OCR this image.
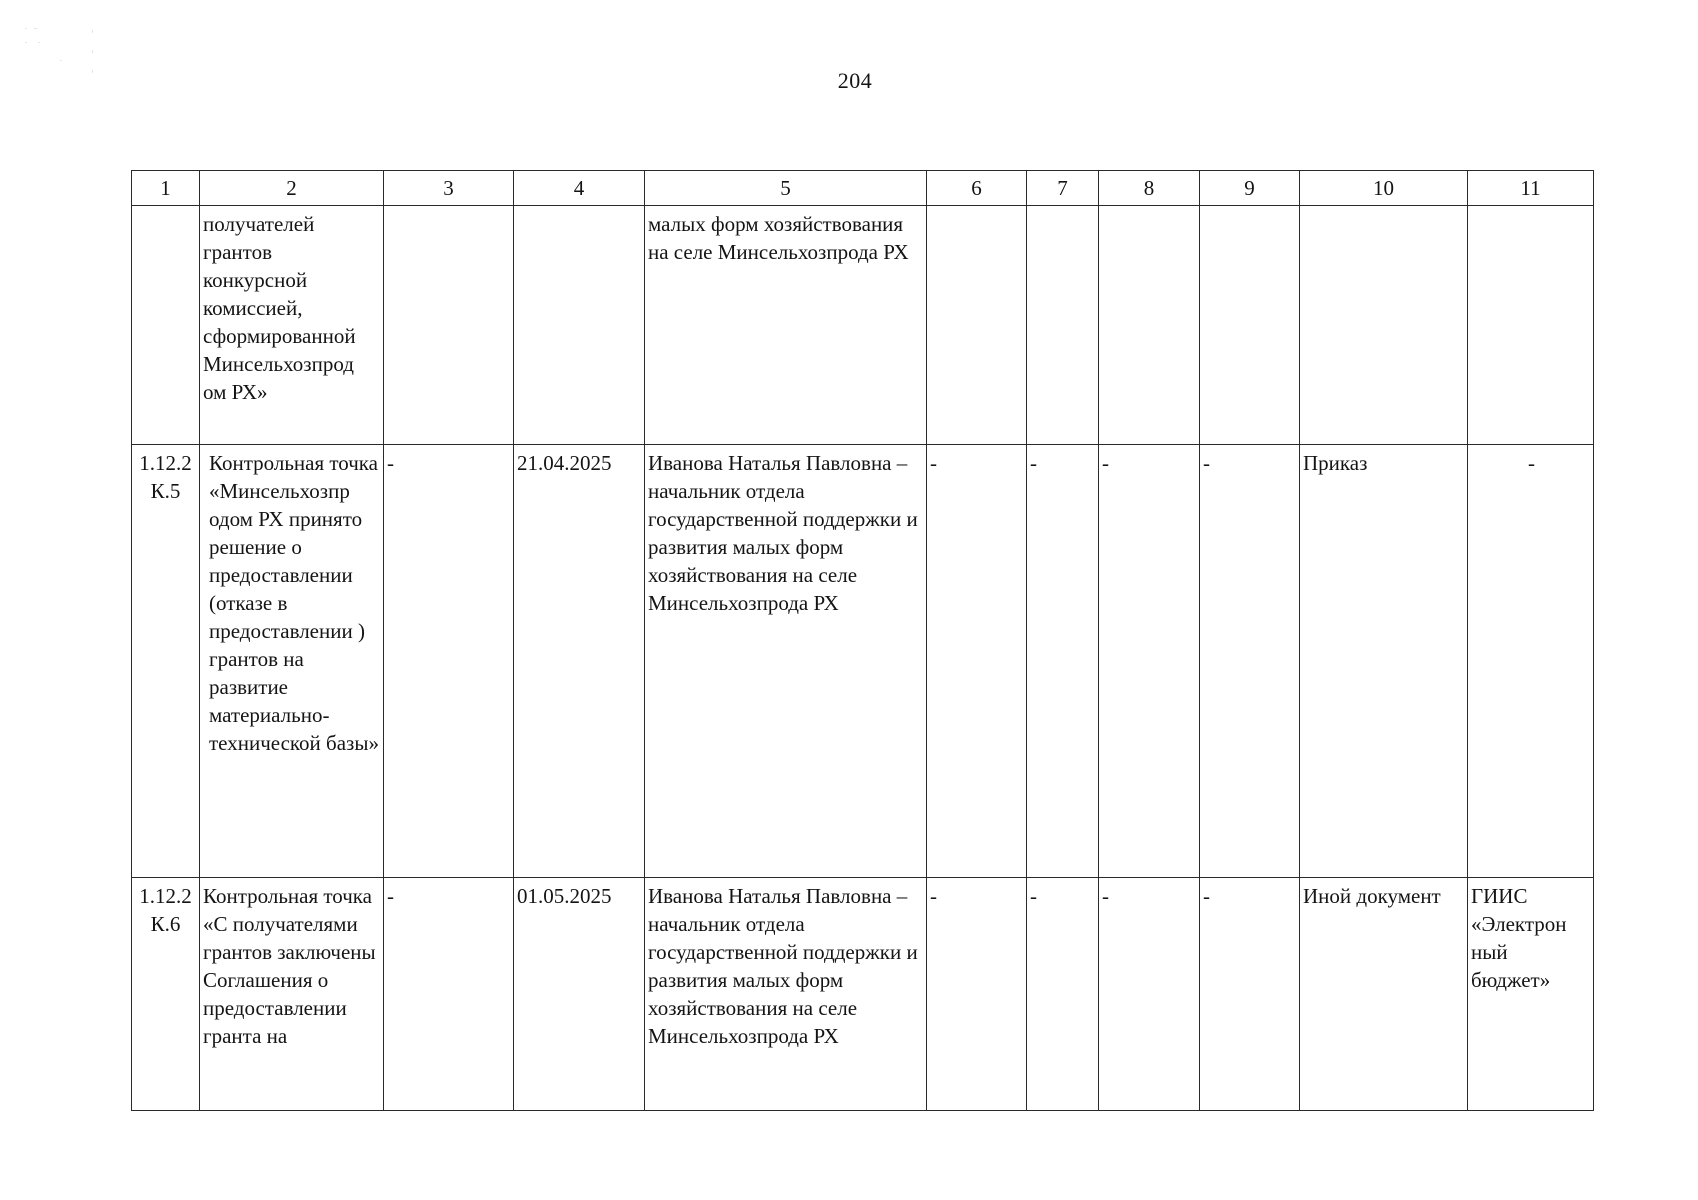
204
1	2	3	4	5	6	7	8	9	10	11
	получателей грантов конкурсной комиссией, сформированной Минсельхозпрод ом РХ»			малых форм хозяйствования на селе Минсельхозпрода РХ						
1.12.2 К.5	Контрольная точка «Минсельхозпр одом РХ принято решение о предоставлении (отказе в предоставлении ) грантов на развитие материально-технической базы»	-	21.04.2025	Иванова Наталья Павловна – начальник отдела государственной поддержки и развития малых форм хозяйствования на селе Минсельхозпрода РХ	-	-	-	-	Приказ	-
1.12.2 К.6	Контрольная точка «С получателями грантов заключены Соглашения о предоставлении гранта на	-	01.05.2025	Иванова Наталья Павловна – начальник отдела государственной поддержки и развития малых форм хозяйствования на селе Минсельхозпрода РХ	-	-	-	-	Иной документ	ГИИС «Электрон ный бюджет»
